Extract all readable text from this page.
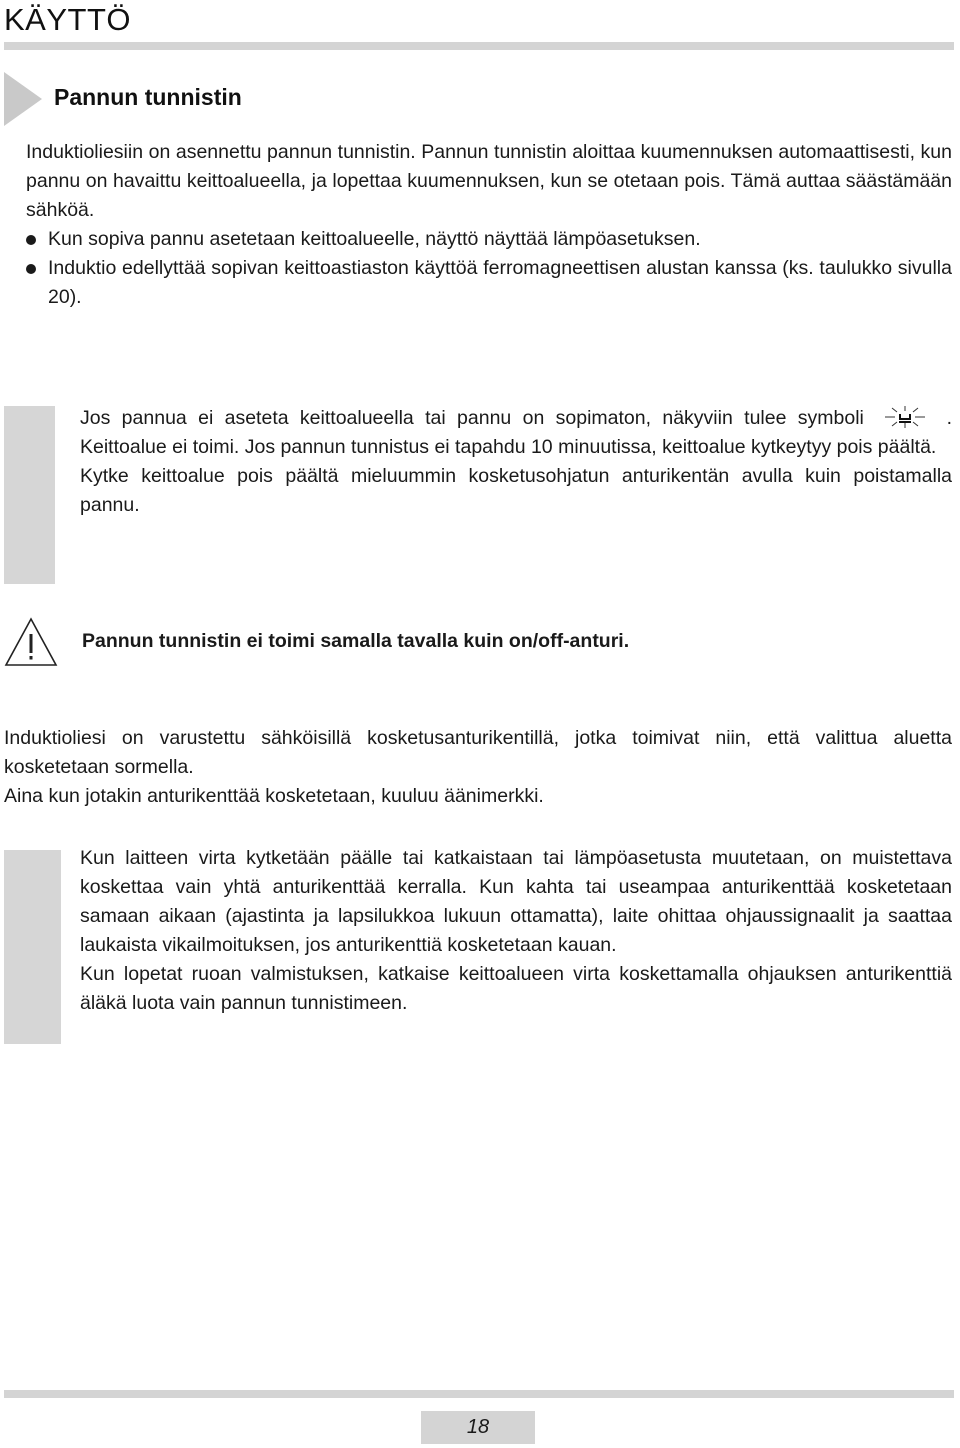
KÄYTTÖ
Pannun tunnistin

Induktioliesiin on asennettu pannun tunnistin. Pannun tunnistin aloittaa kuumennuksen automaattisesti, kun pannu on havaittu keittoalueella, ja lopettaa kuumennuksen, kun se otetaan pois. Tämä auttaa säästämään sähköä.

Kun sopiva pannu asetetaan keittoalueelle, näyttö näyttää lämpöasetuksen.
Induktio edellyttää sopivan keittoastiaston käyttöä ferromagneettisen alustan kanssa (ks. taulukko sivulla 20).

Jos pannua ei aseteta keittoalueella tai pannu on sopimaton, näkyviin tulee symboli	. Keittoalue ei toimi. Jos pannun tunnistus ei tapahdu 10 minuutissa, keittoalue kytkeytyy pois päältä.

Kytke keittoalue pois päältä mieluummin kosketusohjatun anturikentän avulla kuin poistamalla pannu.

Pannun tunnistin ei toimi samalla tavalla kuin on/off-anturi.

Induktioliesi on varustettu sähköisillä kosketusanturikentillä, jotka toimivat niin, että valittua aluetta kosketetaan sormella.

Aina kun jotakin anturikenttää kosketetaan, kuuluu äänimerkki.

Kun laitteen virta kytketään päälle tai katkaistaan tai lämpöasetusta muutetaan, on muistettava koskettaa vain yhtä anturikenttää kerralla. Kun kahta tai useampaa anturikenttää kosketetaan samaan aikaan (ajastinta ja lapsilukkoa lukuun ottamatta), laite ohittaa ohjaussignaalit ja saattaa laukaista vikailmoituksen, jos anturikenttiä kosketetaan kauan.

Kun lopetat ruoan valmistuksen, katkaise keittoalueen virta koskettamalla ohjauksen anturikenttiä äläkä luota vain pannun tunnistimeen.

18
